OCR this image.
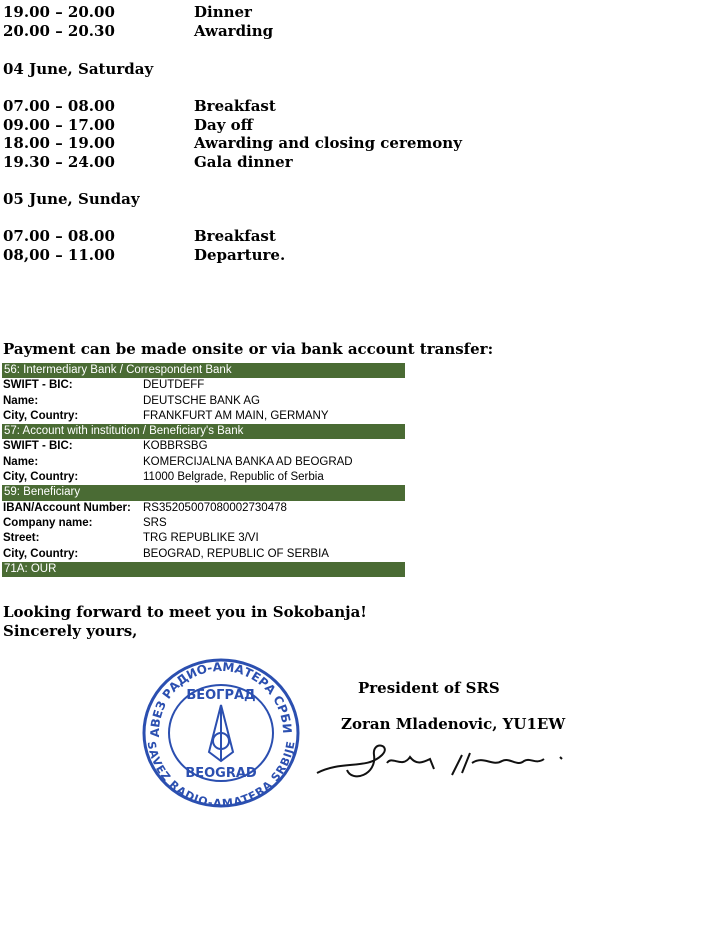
19.00 – 20.00	Dinner
20.00 – 20.30	Awarding
04 June, Saturday
07.00 – 08.00	Breakfast
09.00 – 17.00	Day off
18.00 – 19.00	Awarding and closing ceremony
19.30 – 24.00	Gala dinner
05 June, Sunday
07.00 – 08.00	Breakfast
08,00 – 11.00	Departure.
Payment can be made onsite or via bank account transfer:
56: Intermediary Bank / Correspondent Bank
SWIFT - BIC:	DEUTDEFF
Name:	DEUTSCHE BANK AG
City, Country:	FRANKFURT AM MAIN, GERMANY
57: Account with institution / Beneficiary's Bank
SWIFT - BIC:	KOBBRSBG
Name:	KOMERCIJALNA BANKA AD BEOGRAD
City, Country:	11000 Belgrade, Republic of Serbia
59: Beneficiary
IBAN/Account Number: RS35205007080002730478
Company name:	SRS
Street:	TRG REPUBLIKE 3/VI
City, Country:	BEOGRAD, REPUBLIC OF SERBIA
71A: OUR
Looking forward to meet you in Sokobanja!
Sincerely yours,
President of SRS
Zoran Mladenovic, YU1EW
АВЕЗ РАДИО-АМАТЕРА СРБИ
SAVEZ RADIO-AMATERA SRBIJE
БЕОГРАД
BEOGRAD
